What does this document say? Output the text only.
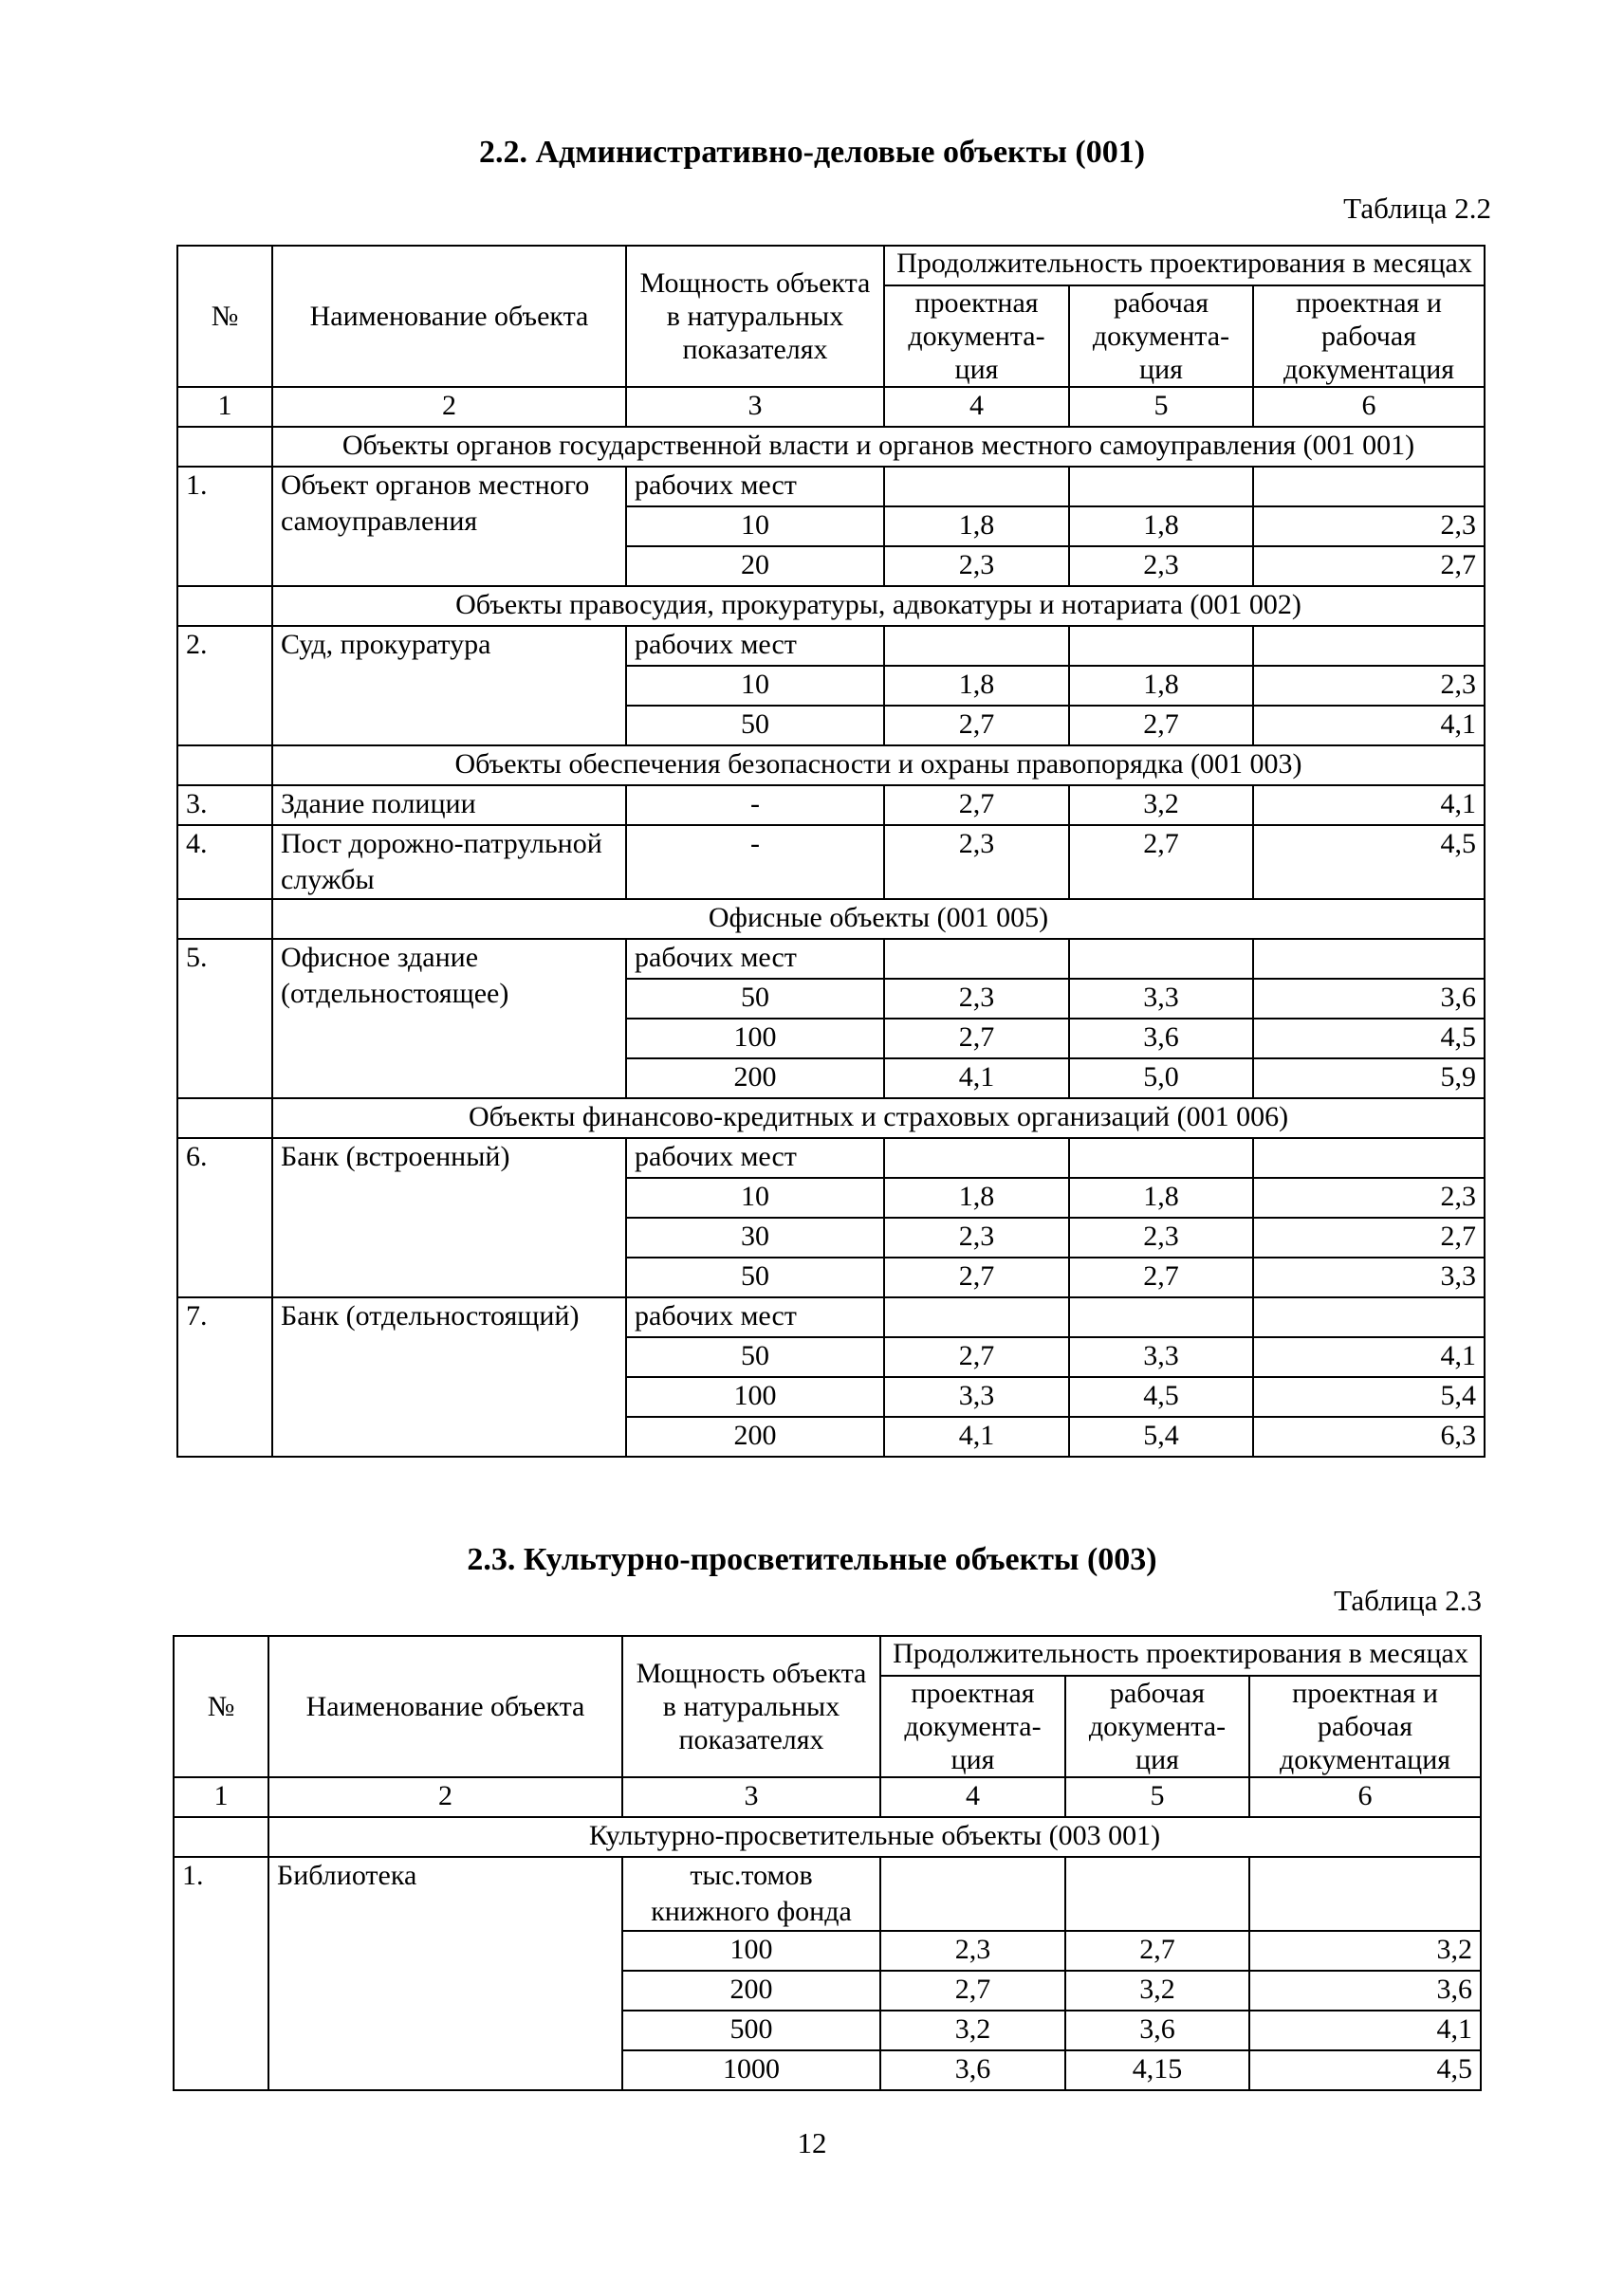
2.2. Административно-деловые объекты (001)
Таблица 2.2
№	Наименование объекта	Мощность объекта в натуральных показателях	Продолжительность проектирования в месяцах		
			проектная документа-ция	рабочая документа-ция	проектная и рабочая документация
1	2	3	4	5	6
	Объекты органов государственной власти и органов местного самоуправления (001 001)				
1.	Объект органов местного самоуправления	рабочих мест			
		10	1,8	1,8	2,3
		20	2,3	2,3	2,7
	Объекты правосудия, прокуратуры, адвокатуры и нотариата (001 002)				
2.	Суд, прокуратура	рабочих мест			
		10	1,8	1,8	2,3
		50	2,7	2,7	4,1
	Объекты обеспечения безопасности и охраны правопорядка (001 003)				
3.	Здание полиции	-	2,7	3,2	4,1
4.	Пост дорожно-патрульной службы	-	2,3	2,7	4,5
	Офисные объекты (001 005)				
5.	Офисное здание (отдельностоящее)	рабочих мест			
		50	2,3	3,3	3,6
		100	2,7	3,6	4,5
		200	4,1	5,0	5,9
	Объекты финансово-кредитных и страховых организаций (001 006)				
6.	Банк (встроенный)	рабочих мест			
		10	1,8	1,8	2,3
		30	2,3	2,3	2,7
		50	2,7	2,7	3,3
7.	Банк (отдельностоящий)	рабочих мест			
		50	2,7	3,3	4,1
		100	3,3	4,5	5,4
		200	4,1	5,4	6,3
2.3. Культурно-просветительные объекты (003)
Таблица 2.3
№	Наименование объекта	Мощность объекта в натуральных показателях	Продолжительность проектирования в месяцах		
			проектная документа-ция	рабочая документа-ция	проектная и рабочая документация
1	2	3	4	5	6
	Культурно-просветительные объекты (003 001)				
1.	Библиотека	тыс.томов книжного фонда			
		100	2,3	2,7	3,2
		200	2,7	3,2	3,6
		500	3,2	3,6	4,1
		1000	3,6	4,15	4,5
12
